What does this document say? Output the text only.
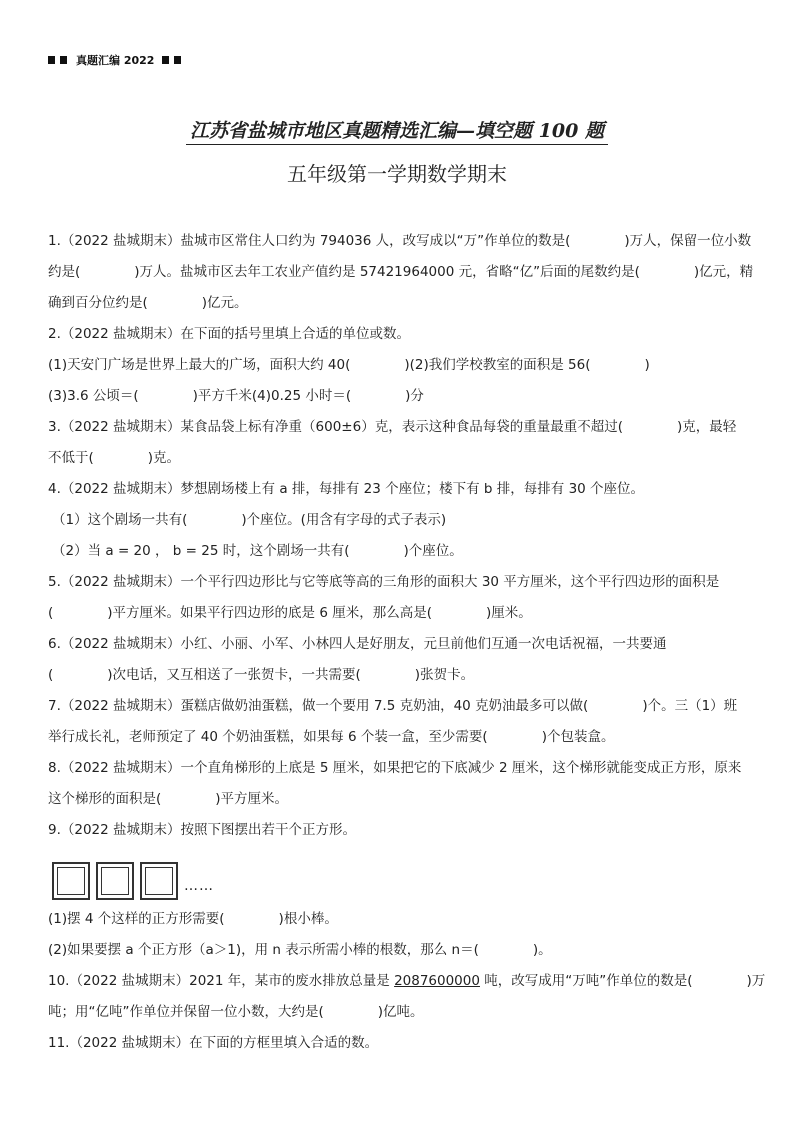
真题汇编 2022
江苏省盐城市地区真题精选汇编—填空题 100 题
五年级第一学期数学期末
1.（2022 盐城期末）盐城市区常住人口约为 794036 人，改写成以“万”作单位的数是(　　　　)万人，保留一位小数
约是(　　　　)万人。盐城市区去年工农业产值约是 57421964000 元，省略“亿”后面的尾数约是(　　　　)亿元，精
确到百分位约是(　　　　)亿元。
2.（2022 盐城期末）在下面的括号里填上合适的单位或数。
(1)天安门广场是世界上最大的广场，面积大约 40(　　　　)(2)我们学校教室的面积是 56(　　　　)
(3)3.6 公顷＝(　　　　)平方千米(4)0.25 小时＝(　　　　)分
3.（2022 盐城期末）某食品袋上标有净重（600±6）克，表示这种食品每袋的重量最重不超过(　　　　)克，最轻
不低于(　　　　)克。
4.（2022 盐城期末）梦想剧场楼上有 a 排，每排有 23 个座位；楼下有 b 排，每排有 30 个座位。
（1）这个剧场一共有(　　　　)个座位。(用含有字母的式子表示)
（2）当 a = 20 ， b = 25 时，这个剧场一共有(　　　　)个座位。
5.（2022 盐城期末）一个平行四边形比与它等底等高的三角形的面积大 30 平方厘米，这个平行四边形的面积是
(　　　　)平方厘米。如果平行四边形的底是 6 厘米，那么高是(　　　　)厘米。
6.（2022 盐城期末）小红、小丽、小军、小林四人是好朋友，元旦前他们互通一次电话祝福，一共要通
(　　　　)次电话，又互相送了一张贺卡，一共需要(　　　　)张贺卡。
7.（2022 盐城期末）蛋糕店做奶油蛋糕，做一个要用 7.5 克奶油，40 克奶油最多可以做(　　　　)个。三（1）班
举行成长礼，老师预定了 40 个奶油蛋糕，如果每 6 个装一盒，至少需要(　　　　)个包装盒。
8.（2022 盐城期末）一个直角梯形的上底是 5 厘米，如果把它的下底减少 2 厘米，这个梯形就能变成正方形，原来
这个梯形的面积是(　　　　)平方厘米。
9.（2022 盐城期末）按照下图摆出若干个正方形。
(1)摆 4 个这样的正方形需要(　　　　)根小棒。
(2)如果要摆 a 个正方形（a＞1)，用 n 表示所需小棒的根数，那么 n＝(　　　　)。
10.（2022 盐城期末）2021 年，某市的废水排放总量是 2087600000 吨，改写成用“万吨”作单位的数是(　　　　)万
吨；用“亿吨”作单位并保留一位小数，大约是(　　　　)亿吨。
11.（2022 盐城期末）在下面的方框里填入合适的数。
……
